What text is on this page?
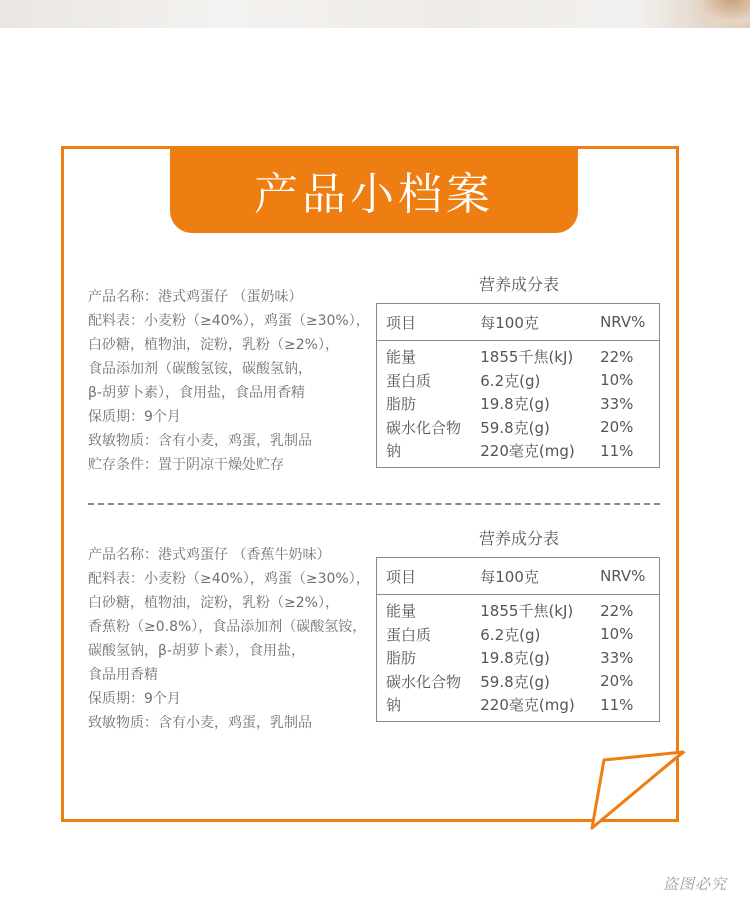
产品小档案
产品名称：港式鸡蛋仔 （蛋奶味）
配料表：小麦粉（≥40%），鸡蛋（≥30%），
白砂糖，植物油，淀粉，乳粉（≥2%），
食品添加剂（碳酸氢铵，碳酸氢钠，
β-胡萝卜素），食用盐，食品用香精
保质期：9个月
致敏物质：含有小麦，鸡蛋，乳制品
贮存条件：置于阴凉干燥处贮存
营养成分表
项目	每100克	NRV%
能量	1855千焦(kJ)	22%
蛋白质	6.2克(g)	10%
脂肪	19.8克(g)	33%
碳水化合物	59.8克(g)	20%
钠	220毫克(mg)	11%
产品名称：港式鸡蛋仔 （香蕉牛奶味）
配料表：小麦粉（≥40%），鸡蛋（≥30%），
白砂糖，植物油，淀粉，乳粉（≥2%），
香蕉粉（≥0.8%），食品添加剂（碳酸氢铵，
碳酸氢钠，β-胡萝卜素），食用盐，
食品用香精
保质期：9个月
致敏物质：含有小麦，鸡蛋，乳制品
营养成分表
项目	每100克	NRV%
能量	1855千焦(kJ)	22%
蛋白质	6.2克(g)	10%
脂肪	19.8克(g)	33%
碳水化合物	59.8克(g)	20%
钠	220毫克(mg)	11%
盗图必究
